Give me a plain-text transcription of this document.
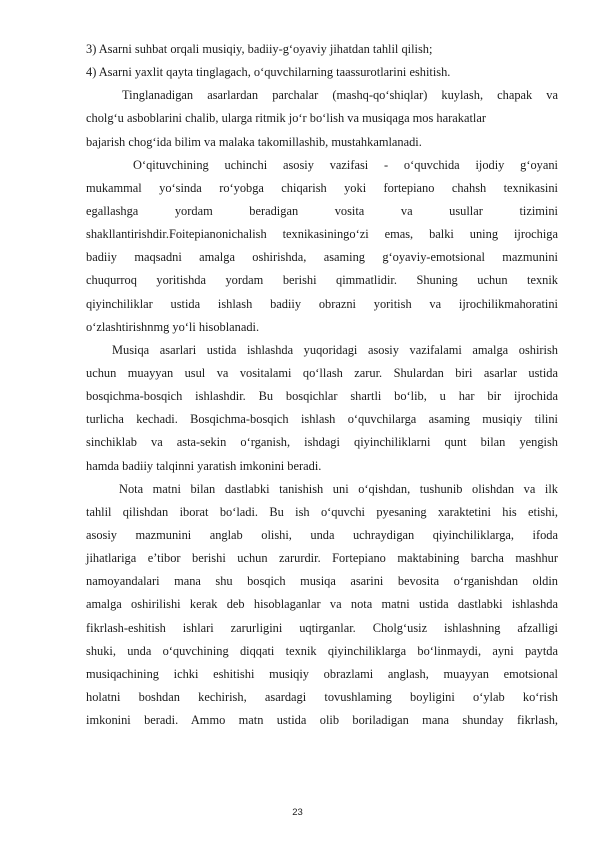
3) Asarni suhbat orqali musiqiy, badiiy-g‘oyaviy jihatdan tahlil qilish;
4) Asarni yaxlit qayta tinglagach, o‘quvchilarning taassurotlarini eshitish.
Tinglanadigan asarlardan parchalar (mashq-qo‘shiqlar) kuylash, chapak va
cholg‘u asboblarini chalib, ularga ritmik jo‘r bo‘lish va musiqaga mos harakatlar
bajarish chog‘ida bilim va malaka takomillashib, mustahkamlanadi.
O‘qituvchining uchinchi asosiy vazifasi - o‘quvchida ijodiy g‘oyani
mukammal yo‘sinda ro‘yobga chiqarish yoki fortepiano chahsh texnikasini
egallashga yordam beradigan vosita va usullar tizimini
shakllantirishdir.Foitepianonichalish texnikasiningo‘zi emas, balki uning ijrochiga
badiiy maqsadni amalga oshirishda, asaming g‘oyaviy-emotsional mazmunini
chuqurroq yoritishda yordam berishi qimmatlidir. Shuning uchun texnik
qiyinchiliklar ustida ishlash badiiy obrazni yoritish va ijrochilikmahoratini
o‘zlashtirishnmg yo‘li hisoblanadi.
Musiqa asarlari ustida ishlashda yuqoridagi asosiy vazifalami amalga oshirish
uchun muayyan usul va vositalami qo‘llash zarur. Shulardan biri asarlar ustida
bosqichma-bosqich ishlashdir. Bu bosqichlar shartli bo‘lib, u har bir ijrochida
turlicha kechadi. Bosqichma-bosqich ishlash o‘quvchilarga asaming musiqiy tilini
sinchiklab va asta-sekin o‘rganish, ishdagi qiyinchiliklarni qunt bilan yengish
hamda badiiy talqinni yaratish imkonini beradi.
Nota matni bilan dastlabki tanishish uni o‘qishdan, tushunib olishdan va ilk
tahlil qilishdan iborat bo‘ladi. Bu ish o‘quvchi pyesaning xaraktetini his etishi,
asosiy mazmunini anglab olishi, unda uchraydigan qiyinchiliklarga, ifoda
jihatlariga e’tibor berishi uchun zarurdir. Fortepiano maktabining barcha mashhur
namoyandalari mana shu bosqich musiqa asarini bevosita o‘rganishdan oldin
amalga oshirilishi kerak deb hisoblaganlar va nota matni ustida dastlabki ishlashda
fikrlash-eshitish ishlari zarurligini uqtirganlar. Cholg‘usiz ishlashning afzalligi
shuki, unda o‘quvchining diqqati texnik qiyinchiliklarga bo‘linmaydi, ayni paytda
musiqachining ichki eshitishi musiqiy obrazlami anglash, muayyan emotsional
holatni boshdan kechirish, asardagi tovushlaming boyligini o‘ylab ko‘rish
imkonini beradi. Ammo matn ustida olib boriladigan mana shunday fikrlash,
23
